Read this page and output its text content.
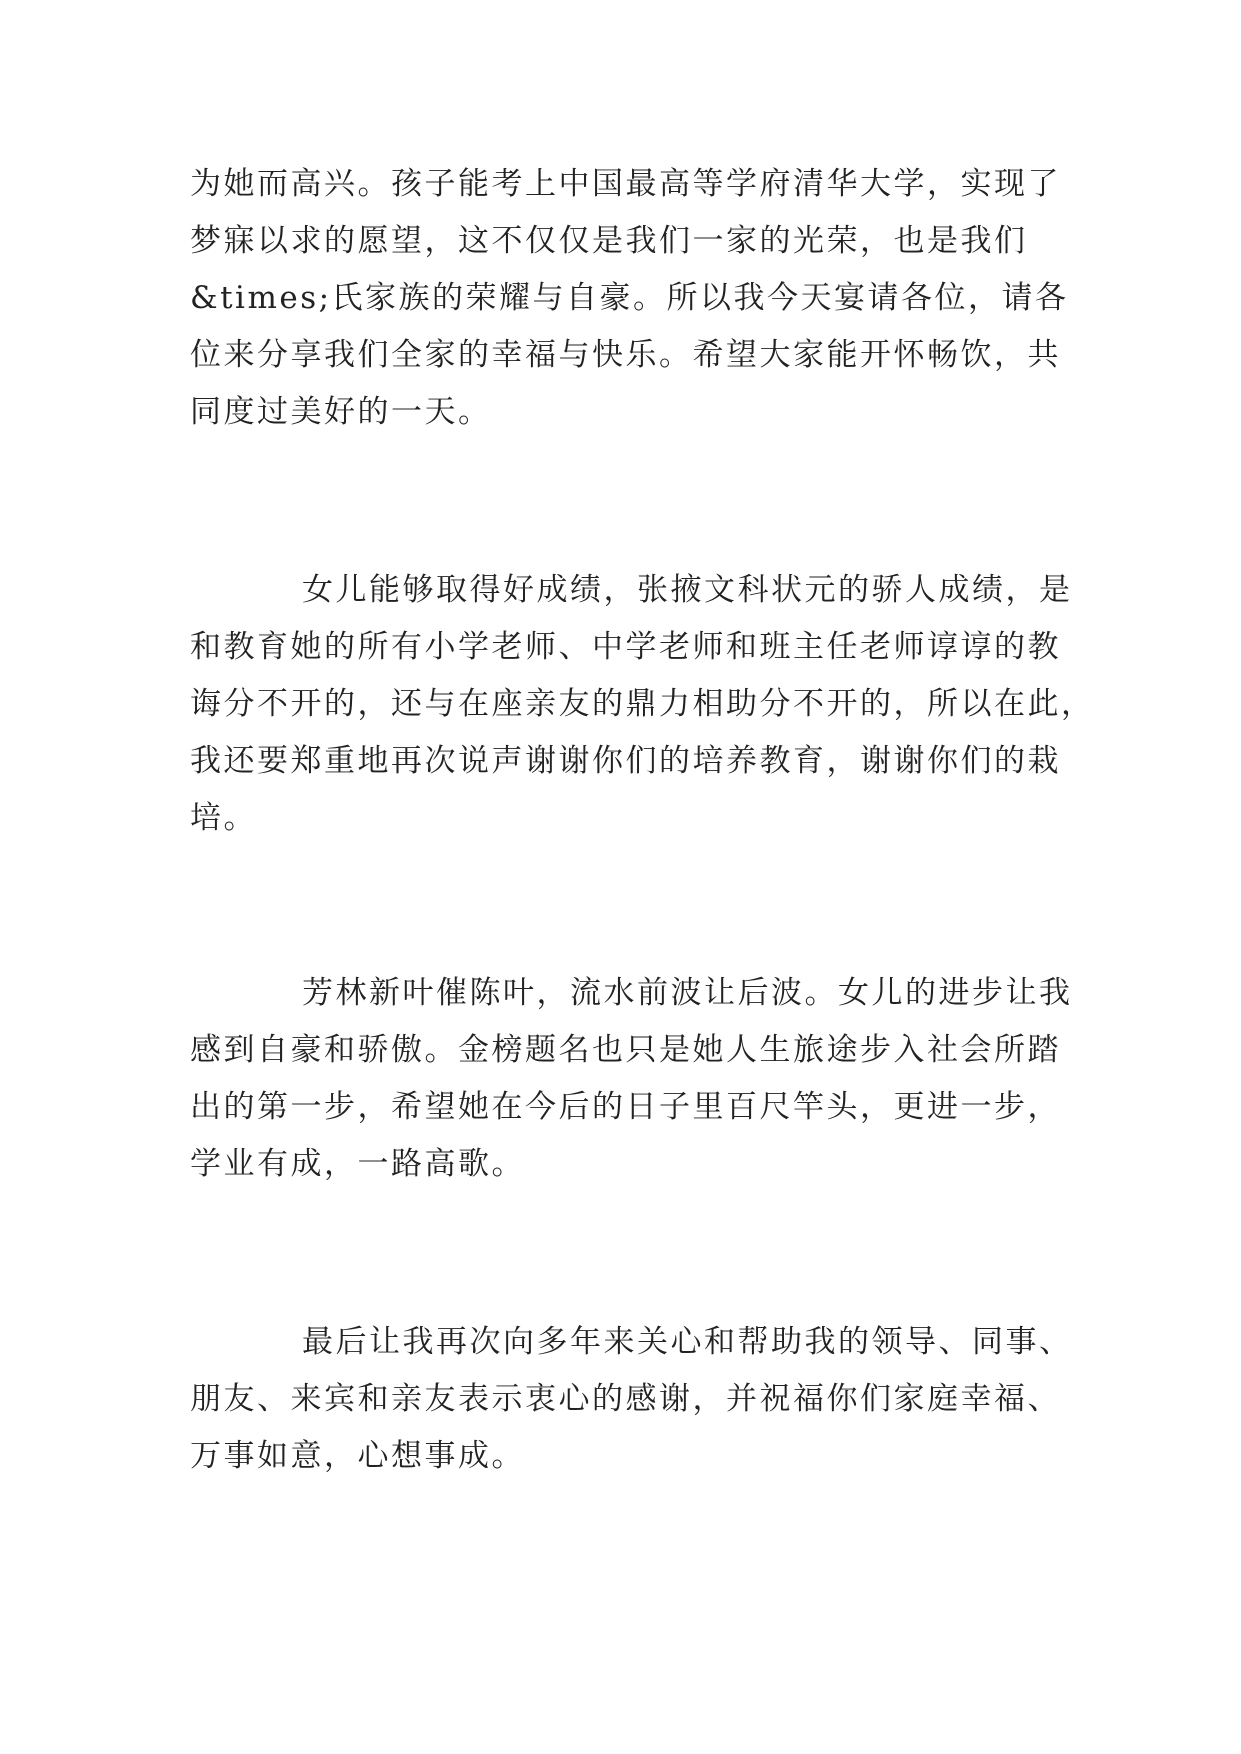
为她而高兴。孩子能考上中国最高等学府清华大学，实现了
梦寐以求的愿望，这不仅仅是我们一家的光荣，也是我们
&times;氏家族的荣耀与自豪。所以我今天宴请各位，请各
位来分享我们全家的幸福与快乐。希望大家能开怀畅饮，共
同度过美好的一天。
女儿能够取得好成绩，张掖文科状元的骄人成绩，是
和教育她的所有小学老师、中学老师和班主任老师谆谆的教
诲分不开的，还与在座亲友的鼎力相助分不开的，所以在此，
我还要郑重地再次说声谢谢你们的培养教育，谢谢你们的栽
培。
芳林新叶催陈叶，流水前波让后波。女儿的进步让我
感到自豪和骄傲。金榜题名也只是她人生旅途步入社会所踏
出的第一步，希望她在今后的日子里百尺竿头，更进一步，
学业有成，一路高歌。
最后让我再次向多年来关心和帮助我的领导、同事、
朋友、来宾和亲友表示衷心的感谢，并祝福你们家庭幸福、
万事如意，心想事成。
